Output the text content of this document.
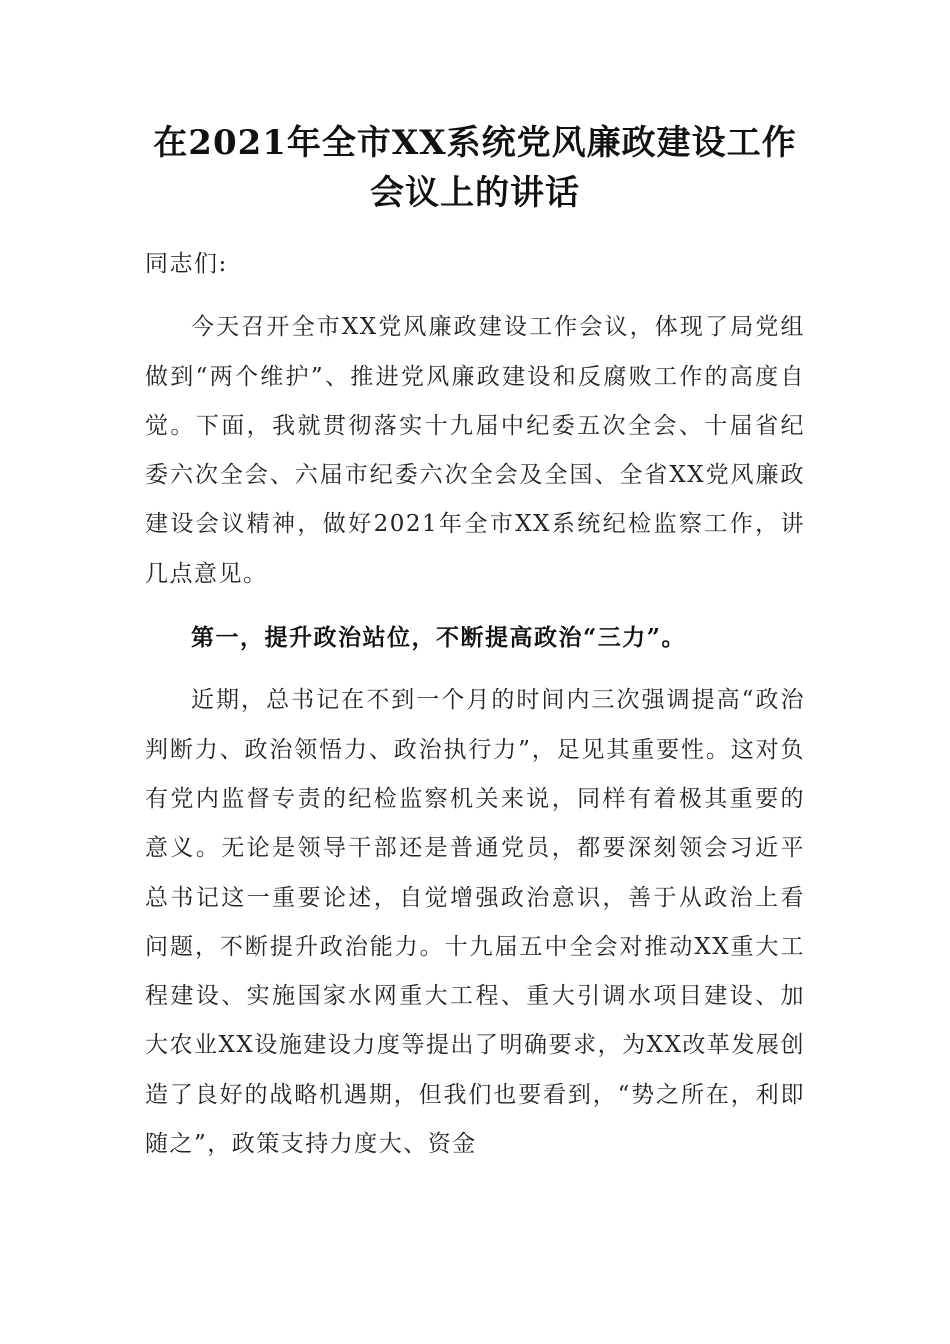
在2021年全市XX系统党风廉政建设工作会议上的讲话

同志们:

今天召开全市XX党风廉政建设工作会议，体现了局党组做到“两个维护”、推进党风廉政建设和反腐败工作的高度自觉。下面，我就贯彻落实十九届中纪委五次全会、十届省纪委六次全会、六届市纪委六次全会及全国、全省XX党风廉政建设会议精神，做好2021年全市XX系统纪检监察工作，讲几点意见。

第一，提升政治站位，不断提高政治“三力”。

近期，总书记在不到一个月的时间内三次强调提高“政治判断力、政治领悟力、政治执行力”，足见其重要性。这对负有党内监督专责的纪检监察机关来说，同样有着极其重要的意义。无论是领导干部还是普通党员，都要深刻领会习近平总书记这一重要论述，自觉增强政治意识，善于从政治上看问题，不断提升政治能力。十九届五中全会对推动XX重大工程建设、实施国家水网重大工程、重大引调水项目建设、加大农业XX设施建设力度等提出了明确要求，为XX改革发展创造了良好的战略机遇期，但我们也要看到，“势之所在，利即随之”，政策支持力度大、资金
